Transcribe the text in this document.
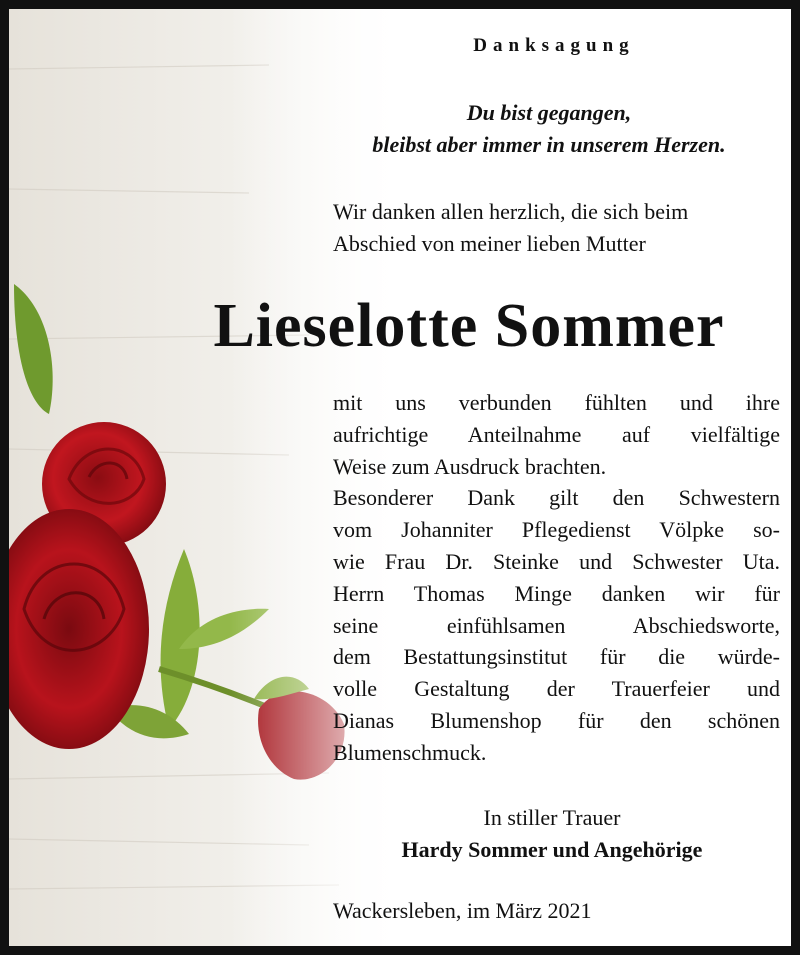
Danksagung
Du bist gegangen,
bleibst aber immer in unserem Herzen.
Wir danken allen herzlich, die sich beim
Abschied von meiner lieben Mutter
Lieselotte Sommer
mit uns verbunden fühlten und ihre
aufrichtige Anteilnahme auf vielfältige
Weise zum Ausdruck brachten.
Besonderer Dank gilt den Schwestern
vom Johanniter Pflegedienst Völpke so-
wie Frau Dr. Steinke und Schwester Uta.
Herrn Thomas Minge danken wir für
seine einfühlsamen Abschiedsworte,
dem Bestattungsinstitut für die würde-
volle Gestaltung der Trauerfeier und
Dianas Blumenshop für den schönen
Blumenschmuck.
In stiller Trauer
Hardy Sommer und Angehörige
Wackersleben, im März 2021
